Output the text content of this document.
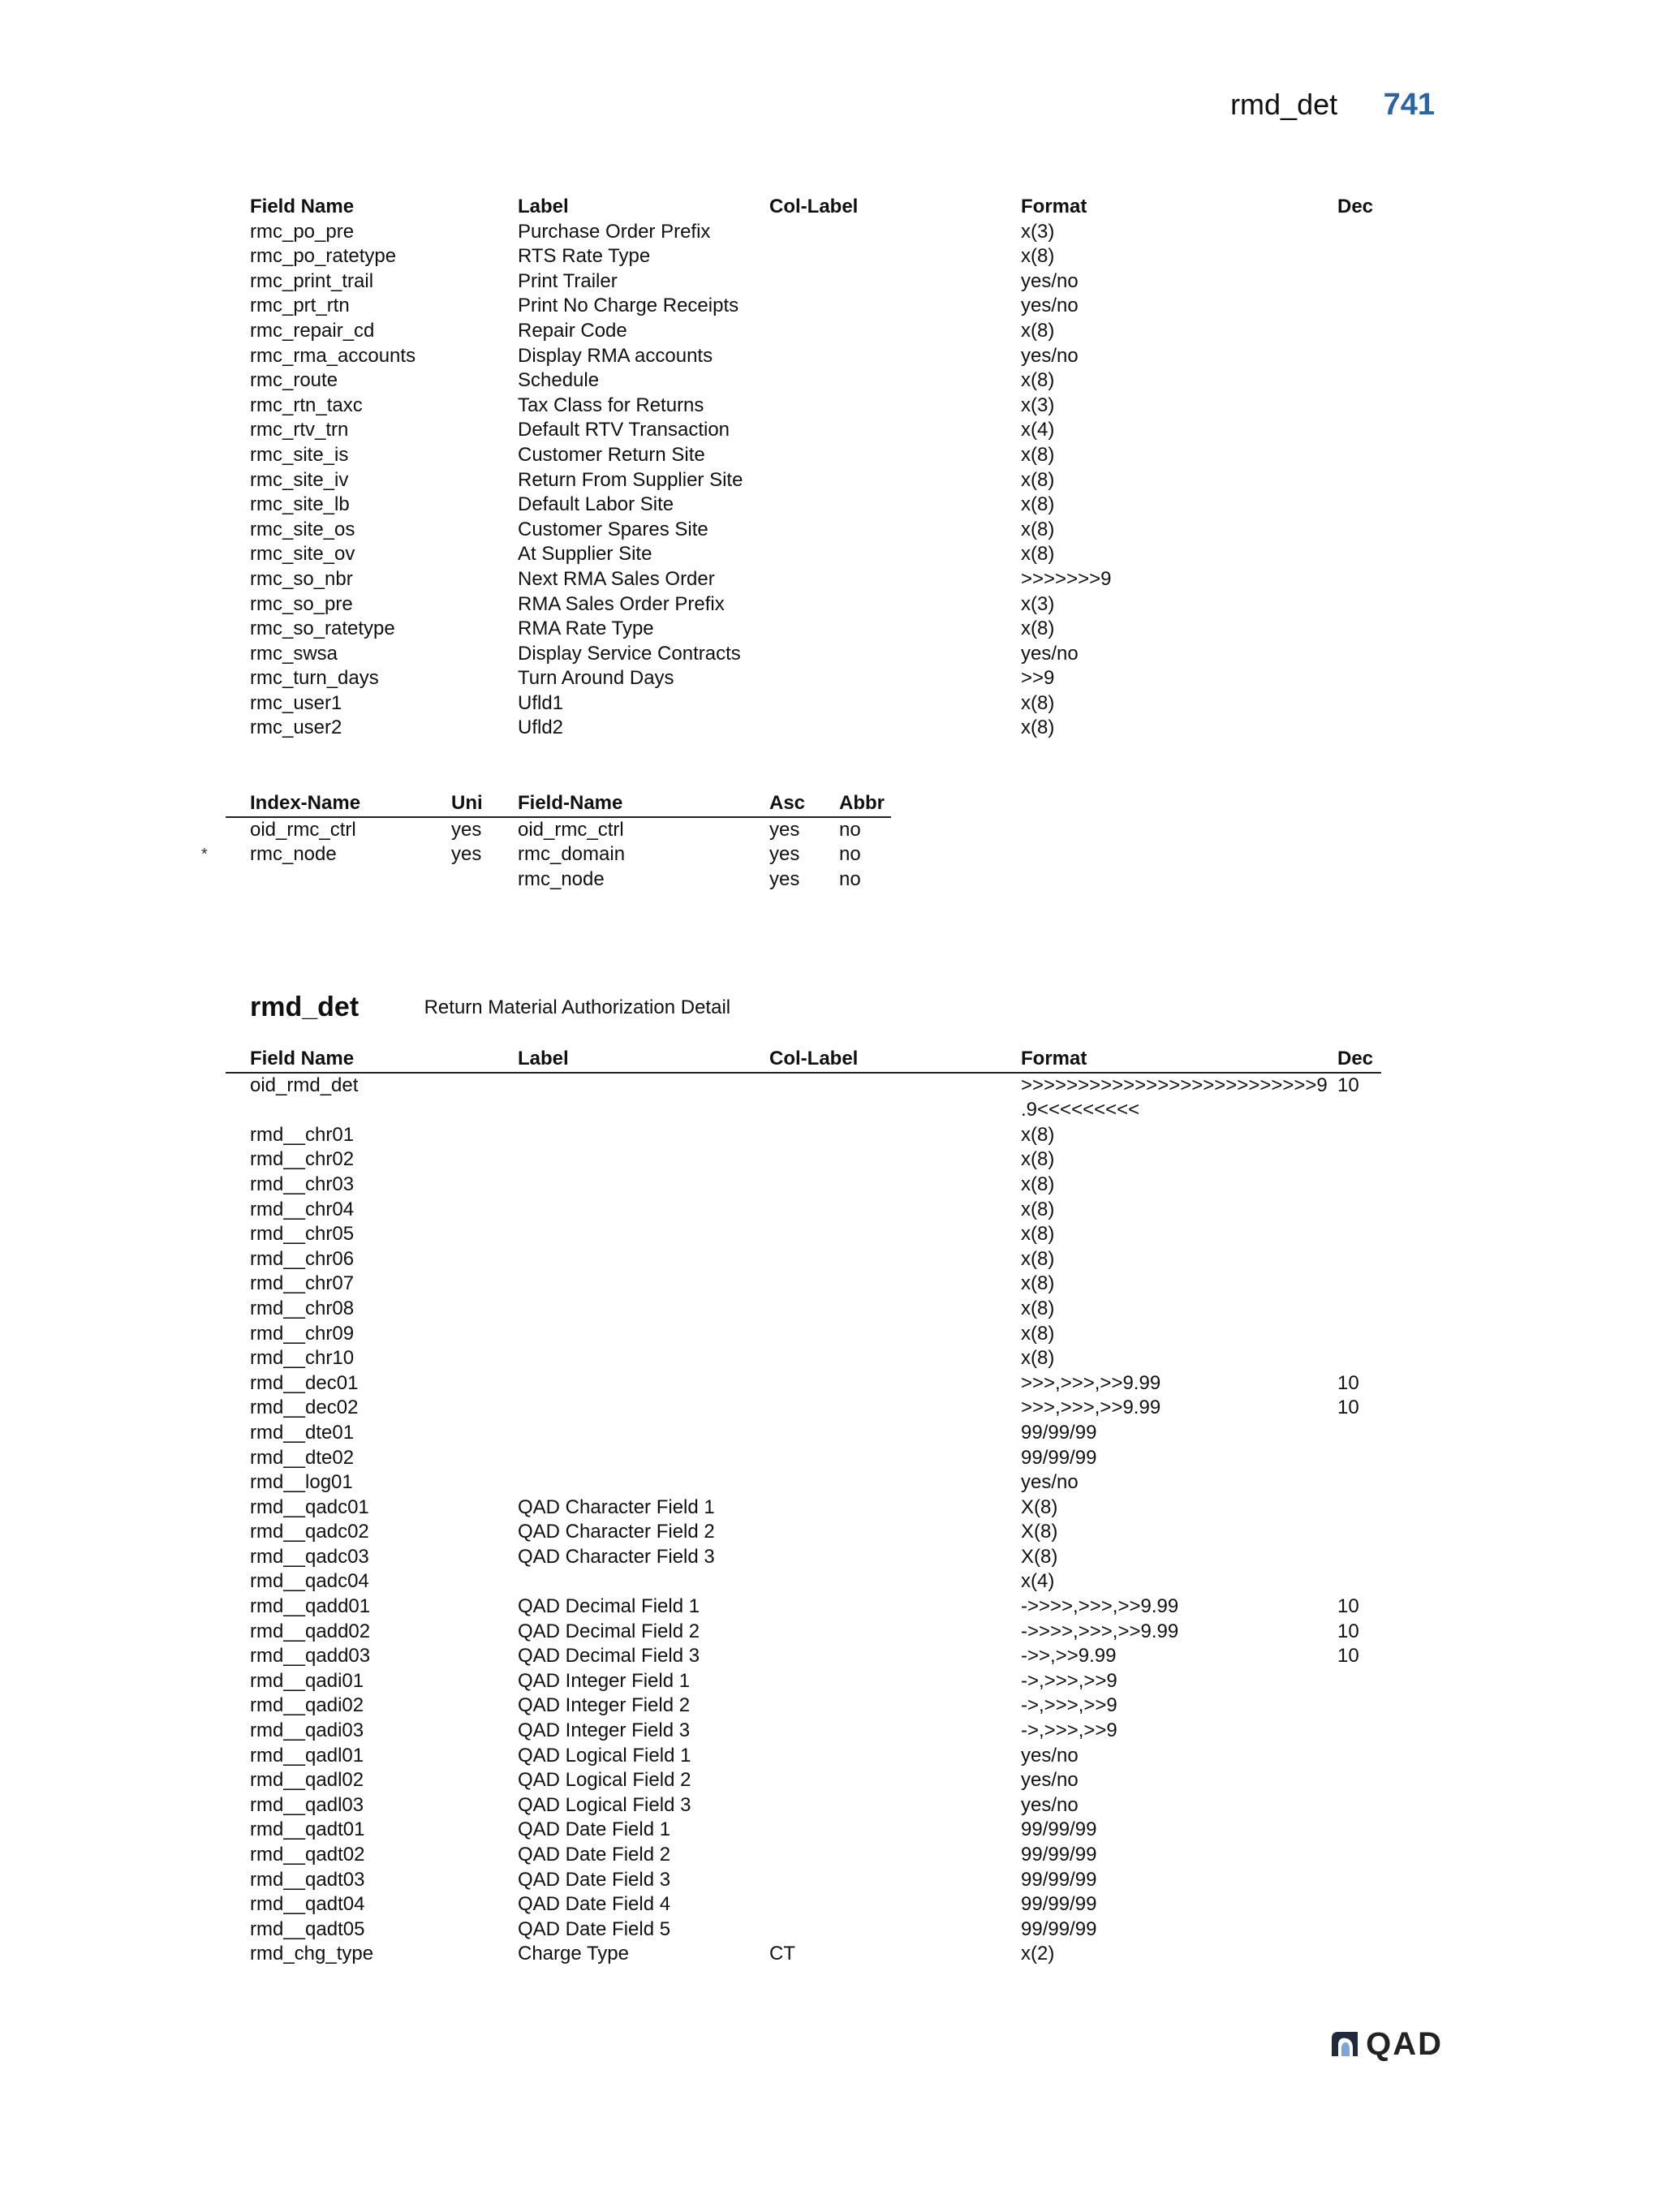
rmd_det 741
Field Name	Label	Col-Label	Format	Dec
rmc_po_pre	Purchase Order Prefix		x(3)	
rmc_po_ratetype	RTS Rate Type		x(8)	
rmc_print_trail	Print Trailer		yes/no	
rmc_prt_rtn	Print No Charge Receipts		yes/no	
rmc_repair_cd	Repair Code		x(8)	
rmc_rma_accounts	Display RMA accounts		yes/no	
rmc_route	Schedule		x(8)	
rmc_rtn_taxc	Tax Class for Returns		x(3)	
rmc_rtv_trn	Default RTV Transaction		x(4)	
rmc_site_is	Customer Return Site		x(8)	
rmc_site_iv	Return From Supplier Site		x(8)	
rmc_site_lb	Default Labor Site		x(8)	
rmc_site_os	Customer Spares Site		x(8)	
rmc_site_ov	At Supplier Site		x(8)	
rmc_so_nbr	Next RMA Sales Order		>>>>>>>9	
rmc_so_pre	RMA Sales Order Prefix		x(3)	
rmc_so_ratetype	RMA Rate Type		x(8)	
rmc_swsa	Display Service Contracts		yes/no	
rmc_turn_days	Turn Around Days		>>9	
rmc_user1	Ufld1		x(8)	
rmc_user2	Ufld2		x(8)	
	Index-Name	Uni	Field-Name	Asc	Abbr
	oid_rmc_ctrl	yes	oid_rmc_ctrl	yes	no
*	rmc_node	yes	rmc_domain	yes	no
			rmc_node	yes	no
rmd_det	Return Material Authorization Detail
Field Name	Label	Col-Label	Format	Dec
oid_rmd_det			>>>>>>>>>>>>>>>>>>>>>>>>>>9	10
			.9<<<<<<<<<	
rmd__chr01			x(8)	
rmd__chr02			x(8)	
rmd__chr03			x(8)	
rmd__chr04			x(8)	
rmd__chr05			x(8)	
rmd__chr06			x(8)	
rmd__chr07			x(8)	
rmd__chr08			x(8)	
rmd__chr09			x(8)	
rmd__chr10			x(8)	
rmd__dec01			>>>,>>>,>>9.99	10
rmd__dec02			>>>,>>>,>>9.99	10
rmd__dte01			99/99/99	
rmd__dte02			99/99/99	
rmd__log01			yes/no	
rmd__qadc01	QAD Character Field 1		X(8)	
rmd__qadc02	QAD Character Field 2		X(8)	
rmd__qadc03	QAD Character Field 3		X(8)	
rmd__qadc04			x(4)	
rmd__qadd01	QAD Decimal Field 1		->>>>,>>>,>>9.99	10
rmd__qadd02	QAD Decimal Field 2		->>>>,>>>,>>9.99	10
rmd__qadd03	QAD Decimal Field 3		->>,>>9.99	10
rmd__qadi01	QAD Integer Field 1		->,>>>,>>9	
rmd__qadi02	QAD Integer Field 2		->,>>>,>>9	
rmd__qadi03	QAD Integer Field 3		->,>>>,>>9	
rmd__qadl01	QAD Logical Field 1		yes/no	
rmd__qadl02	QAD Logical Field 2		yes/no	
rmd__qadl03	QAD Logical Field 3		yes/no	
rmd__qadt01	QAD Date Field 1		99/99/99	
rmd__qadt02	QAD Date Field 2		99/99/99	
rmd__qadt03	QAD Date Field 3		99/99/99	
rmd__qadt04	QAD Date Field 4		99/99/99	
rmd__qadt05	QAD Date Field 5		99/99/99	
rmd_chg_type	Charge Type	CT	x(2)	
QAD
